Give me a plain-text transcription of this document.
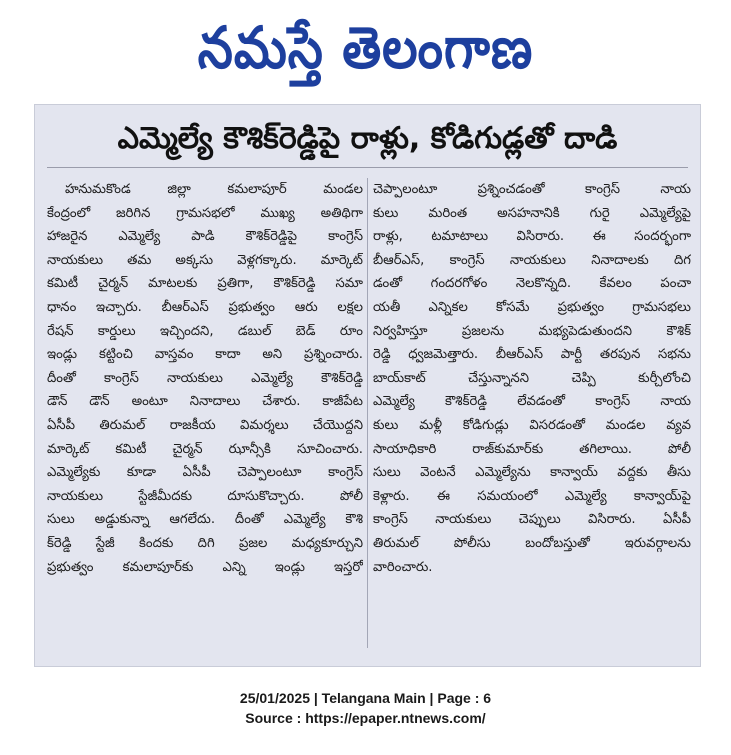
నమస్తే తెలంగాణ
ఎమ్మెల్యే కౌశిక్‌రెడ్డిపై రాళ్లు, కోడిగుడ్లతో దాడి
హనుమకొండ జిల్లా కమలాపూర్ మండల
కేంద్రంలో జరిగిన గ్రామసభలో ముఖ్య అతిథిగా
హాజరైన ఎమ్మెల్యే పాడి కౌశిక్‌రెడ్డిపై కాంగ్రెస్
నాయకులు తమ అక్కసు వెళ్లగక్కారు. మార్కెట్
కమిటీ చైర్మన్ మాటలకు ప్రతిగా, కౌశిక్‌రెడ్డి సమా
ధానం ఇచ్చారు. బీఆర్‌ఎస్ ప్రభుత్వం ఆరు లక్షల
రేషన్ కార్డులు ఇచ్చిందని, డబుల్ బెడ్ రూం
ఇండ్లు కట్టించి వాస్తవం కాదా అని ప్రశ్నించారు.
దీంతో కాంగ్రెస్ నాయకులు ఎమ్మెల్యే కౌశిక్‌రెడ్డి
డౌన్ డౌన్ అంటూ నినాదాలు చేశారు. కాజీపేట
ఏసీపీ తిరుమల్ రాజకీయ విమర్శలు చేయొద్దని
మార్కెట్ కమిటీ చైర్మన్ ఝాన్సీకి సూచించారు.
ఎమ్మెల్యేకు కూడా ఏసీపీ చెప్పాలంటూ కాంగ్రెస్
నాయకులు స్టేజీమీదకు దూసుకొచ్చారు. పోలీ
సులు అడ్డుకున్నా ఆగలేదు. దీంతో ఎమ్మెల్యే కౌశి
క్‌రెడ్డి స్టేజీ కిందకు దిగి ప్రజల మధ్యకూర్చుని
ప్రభుత్వం కమలాపూర్‌కు ఎన్ని ఇండ్లు ఇస్తరో
చెప్పాలంటూ ప్రశ్నించడంతో కాంగ్రెస్ నాయ
కులు మరింత అసహనానికి గురై ఎమ్మెల్యేపై
రాళ్లు, టమాటాలు విసిరారు. ఈ సందర్భంగా
బీఆర్‌ఎస్, కాంగ్రెస్ నాయకులు నినాదాలకు దిగ
డంతో గందరగోళం నెలకొన్నది. కేవలం పంచా
యతీ ఎన్నికల కోసమే ప్రభుత్వం గ్రామసభలు
నిర్వహిస్తూ ప్రజలను మభ్యపెడుతుందని కౌశిక్
రెడ్డి ధ్వజమెత్తారు. బీఆర్‌ఎస్ పార్టీ తరపున సభను
బాయ్‌కాట్ చేస్తున్నానని చెప్పి కుర్చీలోంచి
ఎమ్మెల్యే కౌశిక్‌రెడ్డి లేవడంతో కాంగ్రెస్ నాయ
కులు మళ్లీ కోడిగుడ్లు విసరడంతో మండల వ్యవ
సాయాధికారి రాజ్‌కుమార్‌కు తగిలాయి. పోలీ
సులు వెంటనే ఎమ్మెల్యేను కాన్వాయ్ వద్దకు తీసు
కెళ్లారు. ఈ సమయంలో ఎమ్మెల్యే కాన్వాయ్‌పై
కాంగ్రెస్ నాయకులు చెప్పులు విసిరారు. ఏసీపీ
తిరుమల్ పోలీసు బందోబస్తుతో ఇరువర్గాలను
వారించారు.
25/01/2025 | Telangana Main | Page : 6
Source : https://epaper.ntnews.com/
